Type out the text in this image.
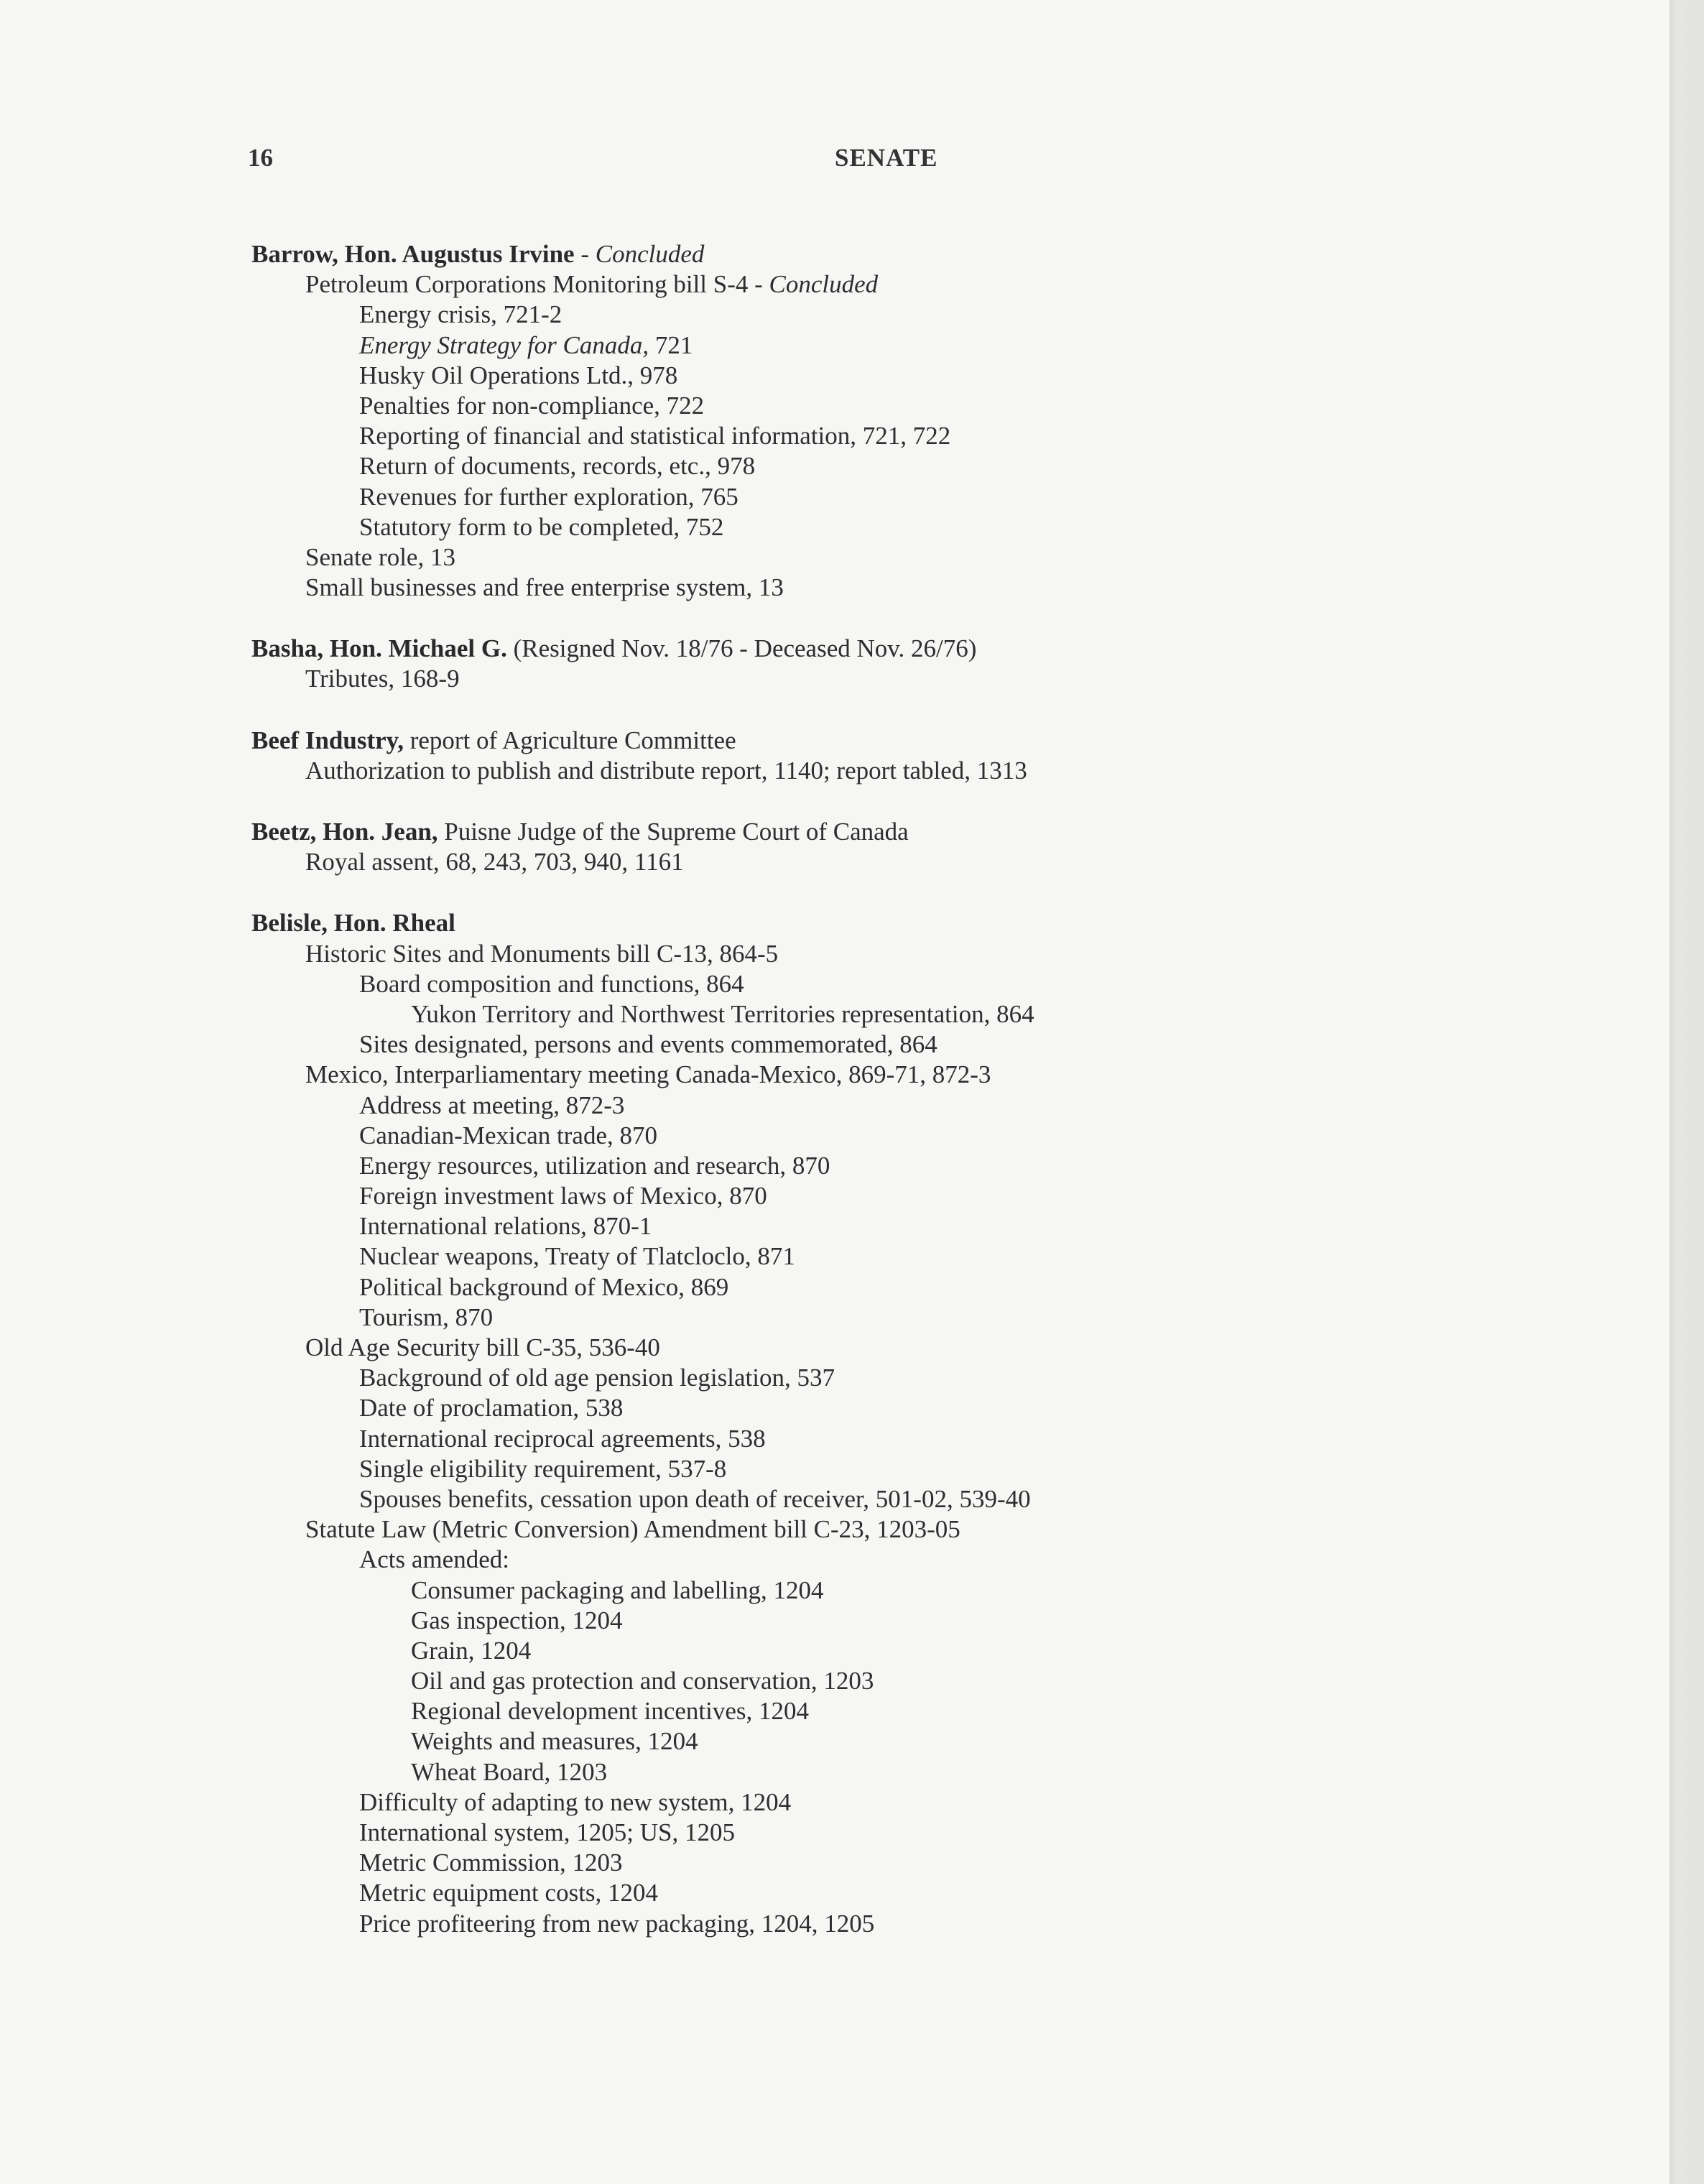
16	SENATE
Barrow, Hon. Augustus Irvine - Concluded
Petroleum Corporations Monitoring bill S-4 - Concluded
Energy crisis, 721-2
Energy Strategy for Canada, 721
Husky Oil Operations Ltd., 978
Penalties for non-compliance, 722
Reporting of financial and statistical information, 721, 722
Return of documents, records, etc., 978
Revenues for further exploration, 765
Statutory form to be completed, 752
Senate role, 13
Small businesses and free enterprise system, 13
Basha, Hon. Michael G. (Resigned Nov. 18/76 - Deceased Nov. 26/76)
Tributes, 168-9
Beef Industry, report of Agriculture Committee
Authorization to publish and distribute report, 1140; report tabled, 1313
Beetz, Hon. Jean, Puisne Judge of the Supreme Court of Canada
Royal assent, 68, 243, 703, 940, 1161
Belisle, Hon. Rheal
Historic Sites and Monuments bill C-13, 864-5
Board composition and functions, 864
Yukon Territory and Northwest Territories representation, 864
Sites designated, persons and events commemorated, 864
Mexico, Interparliamentary meeting Canada-Mexico, 869-71, 872-3
Address at meeting, 872-3
Canadian-Mexican trade, 870
Energy resources, utilization and research, 870
Foreign investment laws of Mexico, 870
International relations, 870-1
Nuclear weapons, Treaty of Tlatcloclo, 871
Political background of Mexico, 869
Tourism, 870
Old Age Security bill C-35, 536-40
Background of old age pension legislation, 537
Date of proclamation, 538
International reciprocal agreements, 538
Single eligibility requirement, 537-8
Spouses benefits, cessation upon death of receiver, 501-02, 539-40
Statute Law (Metric Conversion) Amendment bill C-23, 1203-05
Acts amended:
Consumer packaging and labelling, 1204
Gas inspection, 1204
Grain, 1204
Oil and gas protection and conservation, 1203
Regional development incentives, 1204
Weights and measures, 1204
Wheat Board, 1203
Difficulty of adapting to new system, 1204
International system, 1205; US, 1205
Metric Commission, 1203
Metric equipment costs, 1204
Price profiteering from new packaging, 1204, 1205
